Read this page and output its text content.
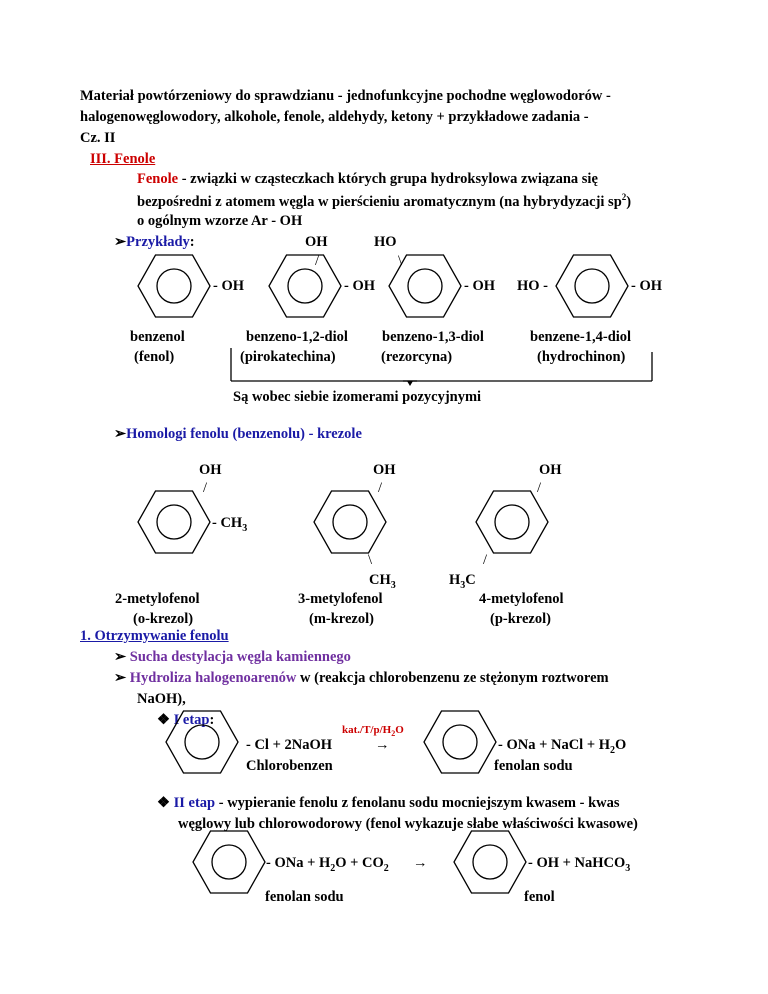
Materiał powtórzeniowy do sprawdzianu - jednofunkcyjne pochodne węglowodorów -
halogenowęglowodory, alkohole, fenole, aldehydy, ketony + przykładowe zadania -
Cz. II
III. Fenole
Fenole - związki w cząsteczkach których grupa hydroksylowa związana się
bezpośredni z atomem węgla w pierścieniu aromatycznym (na hybrydyzacji $sp^2$)
o ogólnym wzorze Ar - OH
➢Przykłady:	OH	HO
/	\
- OH	- OH	- OH HO -	- OH
benzenol
(fenol)
benzeno-1,2-diol
(pirokatechina)
benzeno-1,3-diol
(rezorcyna)
benzene-1,4-diol
(hydrochinon)
Są wobec siebie izomerami pozycyjnymi
➢Homologi fenolu (benzenolu) - krezole
OH	OH	OH
/	/	/
- $CH_3$
\	/
$CH_3$	$H_3C$
2-metylofenol
(o-krezol)
3-metylofenol
(m-krezol)
4-metylofenol
(p-krezol)
1. Otrzymywanie fenolu
➢ Sucha destylacja węgla kamiennego
➢ Hydroliza halogenoarenów w (reakcja chlorobenzenu ze stężonym roztworem
NaOH),
❖ I etap:
$kat./T/p/H_2O$
- Cl + 2NaOH	→
Chlorobenzen
- ONa + NaCl + $H_2O$
fenolan sodu
❖ II etap - wypieranie fenolu z fenolanu sodu mocniejszym kwasem - kwas
węglowy lub chlorowodorowy (fenol wykazuje słabe właściwości kwasowe)
- ONa + $H_2O + CO_2$ →	- OH + NaHCO$_3$
fenolan sodu	fenol
